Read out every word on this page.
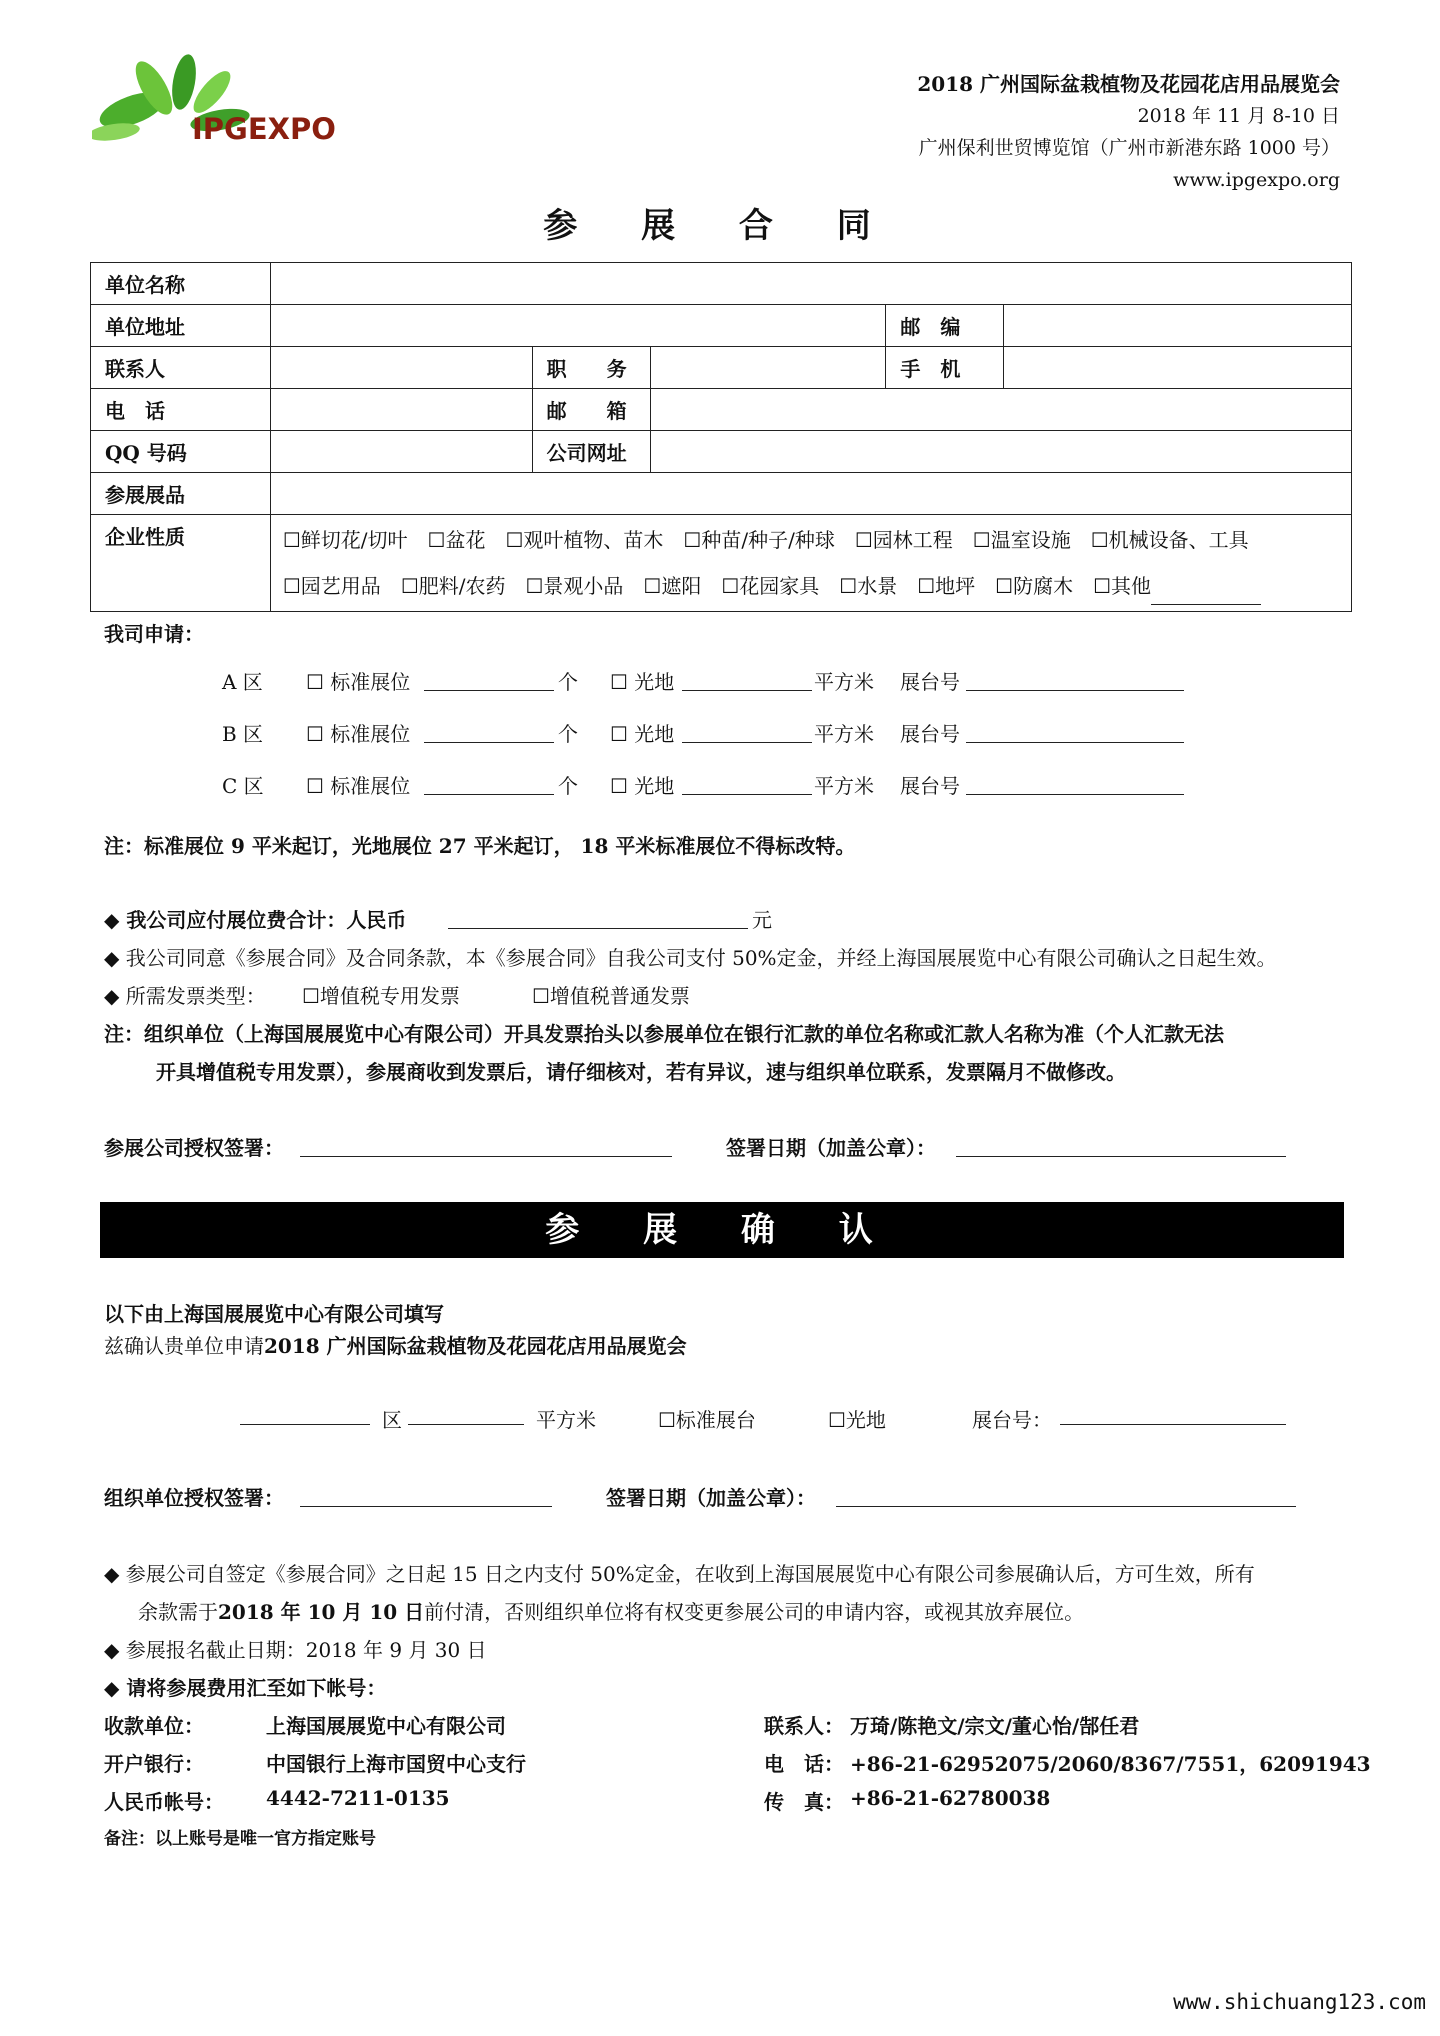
IPGEXPO
2018 广州国际盆栽植物及花园花店用品展览会
2018 年 11 月 8-10 日
广州保利世贸博览馆（广州市新港东路 1000 号）
www.ipgexpo.org
参 展 合 同
单位名称					
单位地址				邮　编	
联系人		职　　务		手　机	
电　话		邮　　箱			
QQ 号码		公司网址			
参展展品					
企业性质	☐鲜切花/切叶 ☐盆花 ☐观叶植物、苗木 ☐种苗/种子/种球 ☐园林工程 ☐温室设施 ☐机械设备、工具
☐园艺用品 ☐肥料/农药 ☐景观小品 ☐遮阳 ☐花园家具 ☐水景 ☐地坪 ☐防腐木 ☐其他				
我司申请：
A 区 ☐ 标准展位	个 ☐ 光地	平方米 展台号
B 区 ☐ 标准展位	个 ☐ 光地	平方米 展台号
C 区 ☐ 标准展位	个 ☐ 光地	平方米 展台号
注：标准展位 9 平米起订，光地展位 27 平米起订， 18 平米标准展位不得标改特。
◆ 我公司应付展位费合计：人民币	元
◆ 我公司同意《参展合同》及合同条款，本《参展合同》自我公司支付 50%定金，并经上海国展展览中心有限公司确认之日起生效。
◆ 所需发票类型： ☐增值税专用发票	☐增值税普通发票
注：组织单位（上海国展展览中心有限公司）开具发票抬头以参展单位在银行汇款的单位名称或汇款人名称为准（个人汇款无法
开具增值税专用发票），参展商收到发票后，请仔细核对，若有异议，速与组织单位联系，发票隔月不做修改。
参展公司授权签署：	签署日期（加盖公章）：
参 展 确 认
以下由上海国展展览中心有限公司填写
兹确认贵单位申请2018 广州国际盆栽植物及花园花店用品展览会
区	平方米	☐标准展台	☐光地	展台号：
组织单位授权签署：	签署日期（加盖公章）：
◆ 参展公司自签定《参展合同》之日起 15 日之内支付 50%定金，在收到上海国展展览中心有限公司参展确认后，方可生效，所有
余款需于2018 年 10 月 10 日前付清，否则组织单位将有权变更参展公司的申请内容，或视其放弃展位。
◆ 参展报名截止日期：2018 年 9 月 30 日
◆ 请将参展费用汇至如下帐号：
收款单位：	上海国展展览中心有限公司
开户银行：	中国银行上海市国贸中心支行
人民币帐号： 4442-7211-0135
联系人： 万琦/陈艳文/宗文/董心怡/郜任君
电　话： +86-21-62952075/2060/8367/7551，62091943
传　真： +86-21-62780038
备注：以上账号是唯一官方指定账号
www.shichuang123.com
